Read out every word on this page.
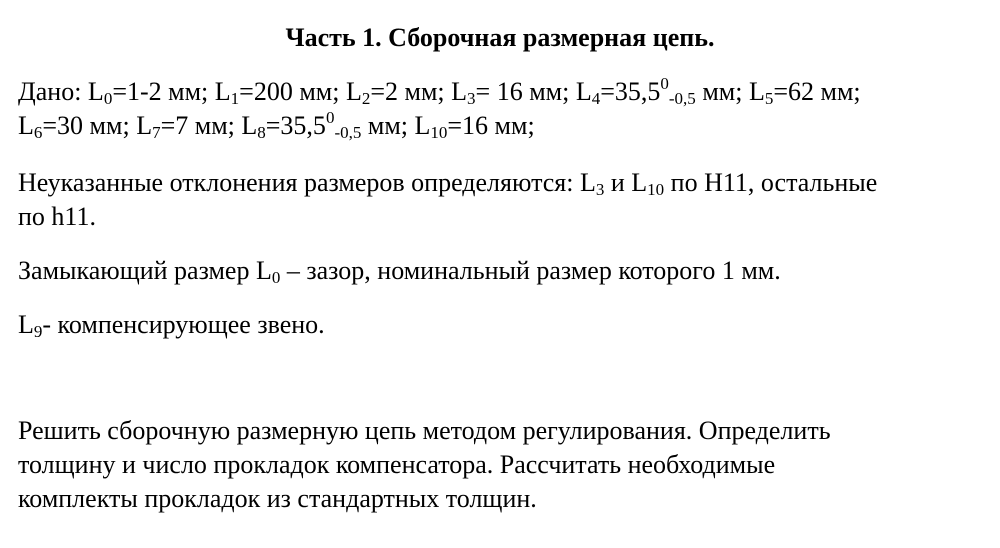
Часть 1. Сборочная размерная цепь.

Дано: $L_0=1-2$ мм; $L_1=200$ мм; $L_2=2$ мм; $L_3= 16$ мм; $L_4=35,5^0-0,5$ мм; $L_5=62$ мм;
$L_6=30$ мм; $L_7=7$ мм; $L_8=35,5^0-0,5$ мм; $L_{10}=16$ мм;

Неуказанные отклонения размеров определяются: $L_3$ и $L_{10}$ по Н11, остальные
по h11.

Замыкающий размер $L_0$ – зазор, номинальный размер которого 1 мм.

$L_9-$ компенсирующее звено.

Решить сборочную размерную цепь методом регулирования. Определить
толщину и число прокладок компенсатора. Рассчитать необходимые
комплекты прокладок из стандартных толщин.
